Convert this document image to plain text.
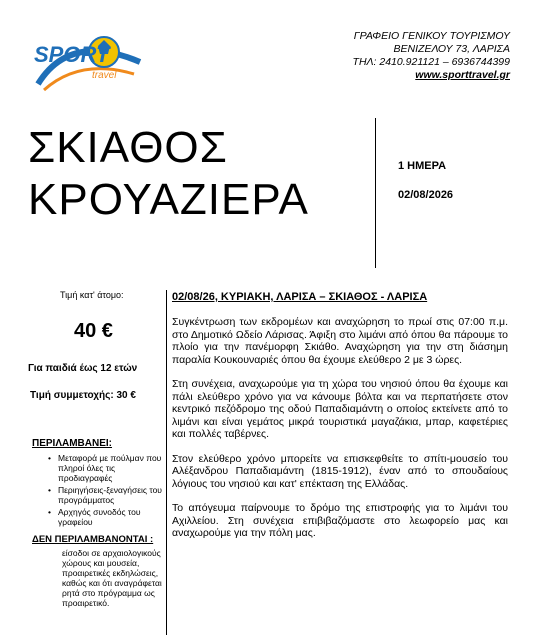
SPORT
travel
ΓΡΑΦΕΙΟ ΓΕΝΙΚΟΥ ΤΟΥΡΙΣΜΟΥ
ΒΕΝΙΖΕΛΟΥ 73, ΛΑΡΙΣΑ
ΤΗΛ: 2410.921121 – 6936744399
www.sporttravel.gr
ΣΚΙΑΘΟΣ
ΚΡΟΥΑΖΙΕΡΑ
1 ΗΜΕΡΑ
02/08/2026
Τιμή κατ' άτομο:
40 €
Για παιδιά έως 12 ετών
Τιμή συμμετοχής: 30 €
ΠΕΡΙΛΑΜΒΑΝΕΙ:
• Μεταφορά με πούλμαν που πληροί όλες τις προδιαγραφές
• Περιηγήσεις-ξεναγήσεις του προγράμματος
• Αρχηγός συνοδός του γραφείου
ΔΕΝ ΠΕΡΙΛΑΜΒΑΝΟΝΤΑΙ :
είσοδοι σε αρχαιολογικούς χώρους και μουσεία, προαιρετικές εκδηλώσεις, καθώς και ότι αναγράφεται ρητά στο πρόγραμμα ως προαιρετικό.
02/08/26, ΚΥΡΙΑΚΗ, ΛΑΡΙΣΑ – ΣΚΙΑΘΟΣ - ΛΑΡΙΣΑ

Συγκέντρωση των εκδρομέων και αναχώρηση το πρωί στις 07:00 π.μ. στο Δημοτικό Ωδείο Λάρισας. Άφιξη στο λιμάνι από όπου θα πάρουμε το πλοίο για την πανέμορφη Σκιάθο. Αναχώρηση για την στη διάσημη παραλία Κουκουναριές όπου θα έχουμε ελεύθερο 2 με 3 ώρες.

Στη συνέχεια, αναχωρούμε για τη χώρα του νησιού όπου θα έχουμε και πάλι ελεύθερο χρόνο για να κάνουμε βόλτα και να περπατήσετε στον κεντρικό πεζόδρομο της οδού Παπαδιαμάντη ο οποίος εκτείνετε από το λιμάνι και είναι γεμάτος μικρά τουριστικά μαγαζάκια, μπαρ, καφετέριες και πολλές ταβέρνες.

Στον ελεύθερο χρόνο μπορείτε να επισκεφθείτε το σπίτι-μουσείο του Αλέξανδρου Παπαδιαμάντη (1815-1912), έναν από το σπουδαίους λόγιους του νησιού και κατ' επέκταση της Ελλάδας.

Το απόγευμα παίρνουμε το δρόμο της επιστροφής για το λιμάνι του Αχιλλείου. Στη συνέχεια επιβιβαζόμαστε στο λεωφορείο μας και αναχωρούμε για την πόλη μας.
